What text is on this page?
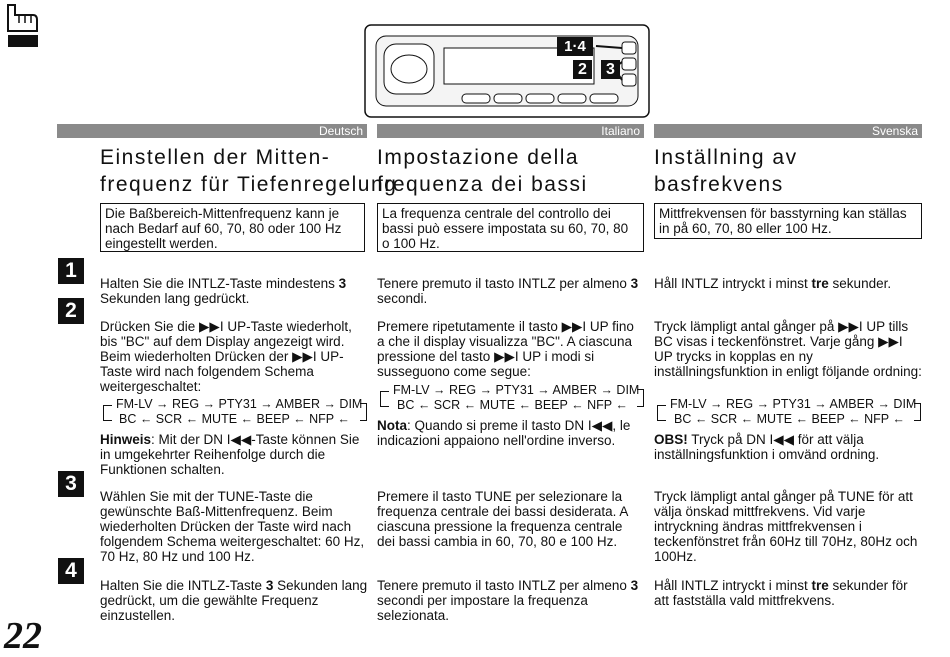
1·4
2	3
1
2
3
4
22
Deutsch
Einstellen der Mitten-
frequenz für Tiefenregelung
Die Baßbereich-Mittenfrequenz kann je nach Bedarf auf 60, 70, 80 oder 100 Hz eingestellt werden.
Halten Sie die INTLZ-Taste mindestens 3 Sekunden lang gedrückt.
Drücken Sie die ▶▶I UP-Taste wiederholt, bis "BC" auf dem Display angezeigt wird. Beim wiederholten Drücken der ▶▶I UP-Taste wird nach folgendem Schema weitergeschaltet:
FM-LV → REG → PTY31 → AMBER → DIM
BC ← SCR ← MUTE ← BEEP ← NFP ←
Hinweis: Mit der DN I◀◀-Taste können Sie in umgekehrter Reihenfolge durch die Funktionen schalten.
Wählen Sie mit der TUNE-Taste die gewünschte Baß-Mittenfrequenz. Beim wiederholten Drücken der Taste wird nach folgendem Schema weitergeschaltet: 60 Hz, 70 Hz, 80 Hz und 100 Hz.
Halten Sie die INTLZ-Taste 3 Sekunden lang gedrückt, um die gewählte Frequenz einzustellen.
Italiano
Impostazione della
frequenza dei bassi
La frequenza centrale del controllo dei bassi può essere impostata su 60, 70, 80 o 100 Hz.
Tenere premuto il tasto INTLZ per almeno 3 secondi.
Premere ripetutamente il tasto ▶▶I UP fino a che il display visualizza "BC". A ciascuna pressione del tasto ▶▶I UP i modi si susseguono come segue:
FM-LV → REG → PTY31 → AMBER → DIM
BC ← SCR ← MUTE ← BEEP ← NFP ←
Nota: Quando si preme il tasto DN I◀◀, le indicazioni appaiono nell'ordine inverso.
Premere il tasto TUNE per selezionare la frequenza centrale dei bassi desiderata. A ciascuna pressione la frequenza centrale dei bassi cambia in 60, 70, 80 e 100 Hz.
Tenere premuto il tasto INTLZ per almeno 3 secondi per impostare la frequenza selezionata.
Svenska
Inställning av
basfrekvens
Mittfrekvensen för basstyrning kan ställas in på 60, 70, 80 eller 100 Hz.
Håll INTLZ intryckt i minst tre sekunder.
Tryck lämpligt antal gånger på ▶▶I UP tills BC visas i teckenfönstret. Varje gång ▶▶I UP trycks in kopplas en ny inställningsfunktion in enligt följande ordning:
FM-LV → REG → PTY31 → AMBER → DIM
BC ← SCR ← MUTE ← BEEP ← NFP ←
OBS! Tryck på DN I◀◀ för att välja inställningsfunktion i omvänd ordning.
Tryck lämpligt antal gånger på TUNE för att välja önskad mittfrekvens. Vid varje intryckning ändras mittfrekvensen i teckenfönstret från 60Hz till 70Hz, 80Hz och 100Hz.
Håll INTLZ intryckt i minst tre sekunder för att fastställa vald mittfrekvens.
